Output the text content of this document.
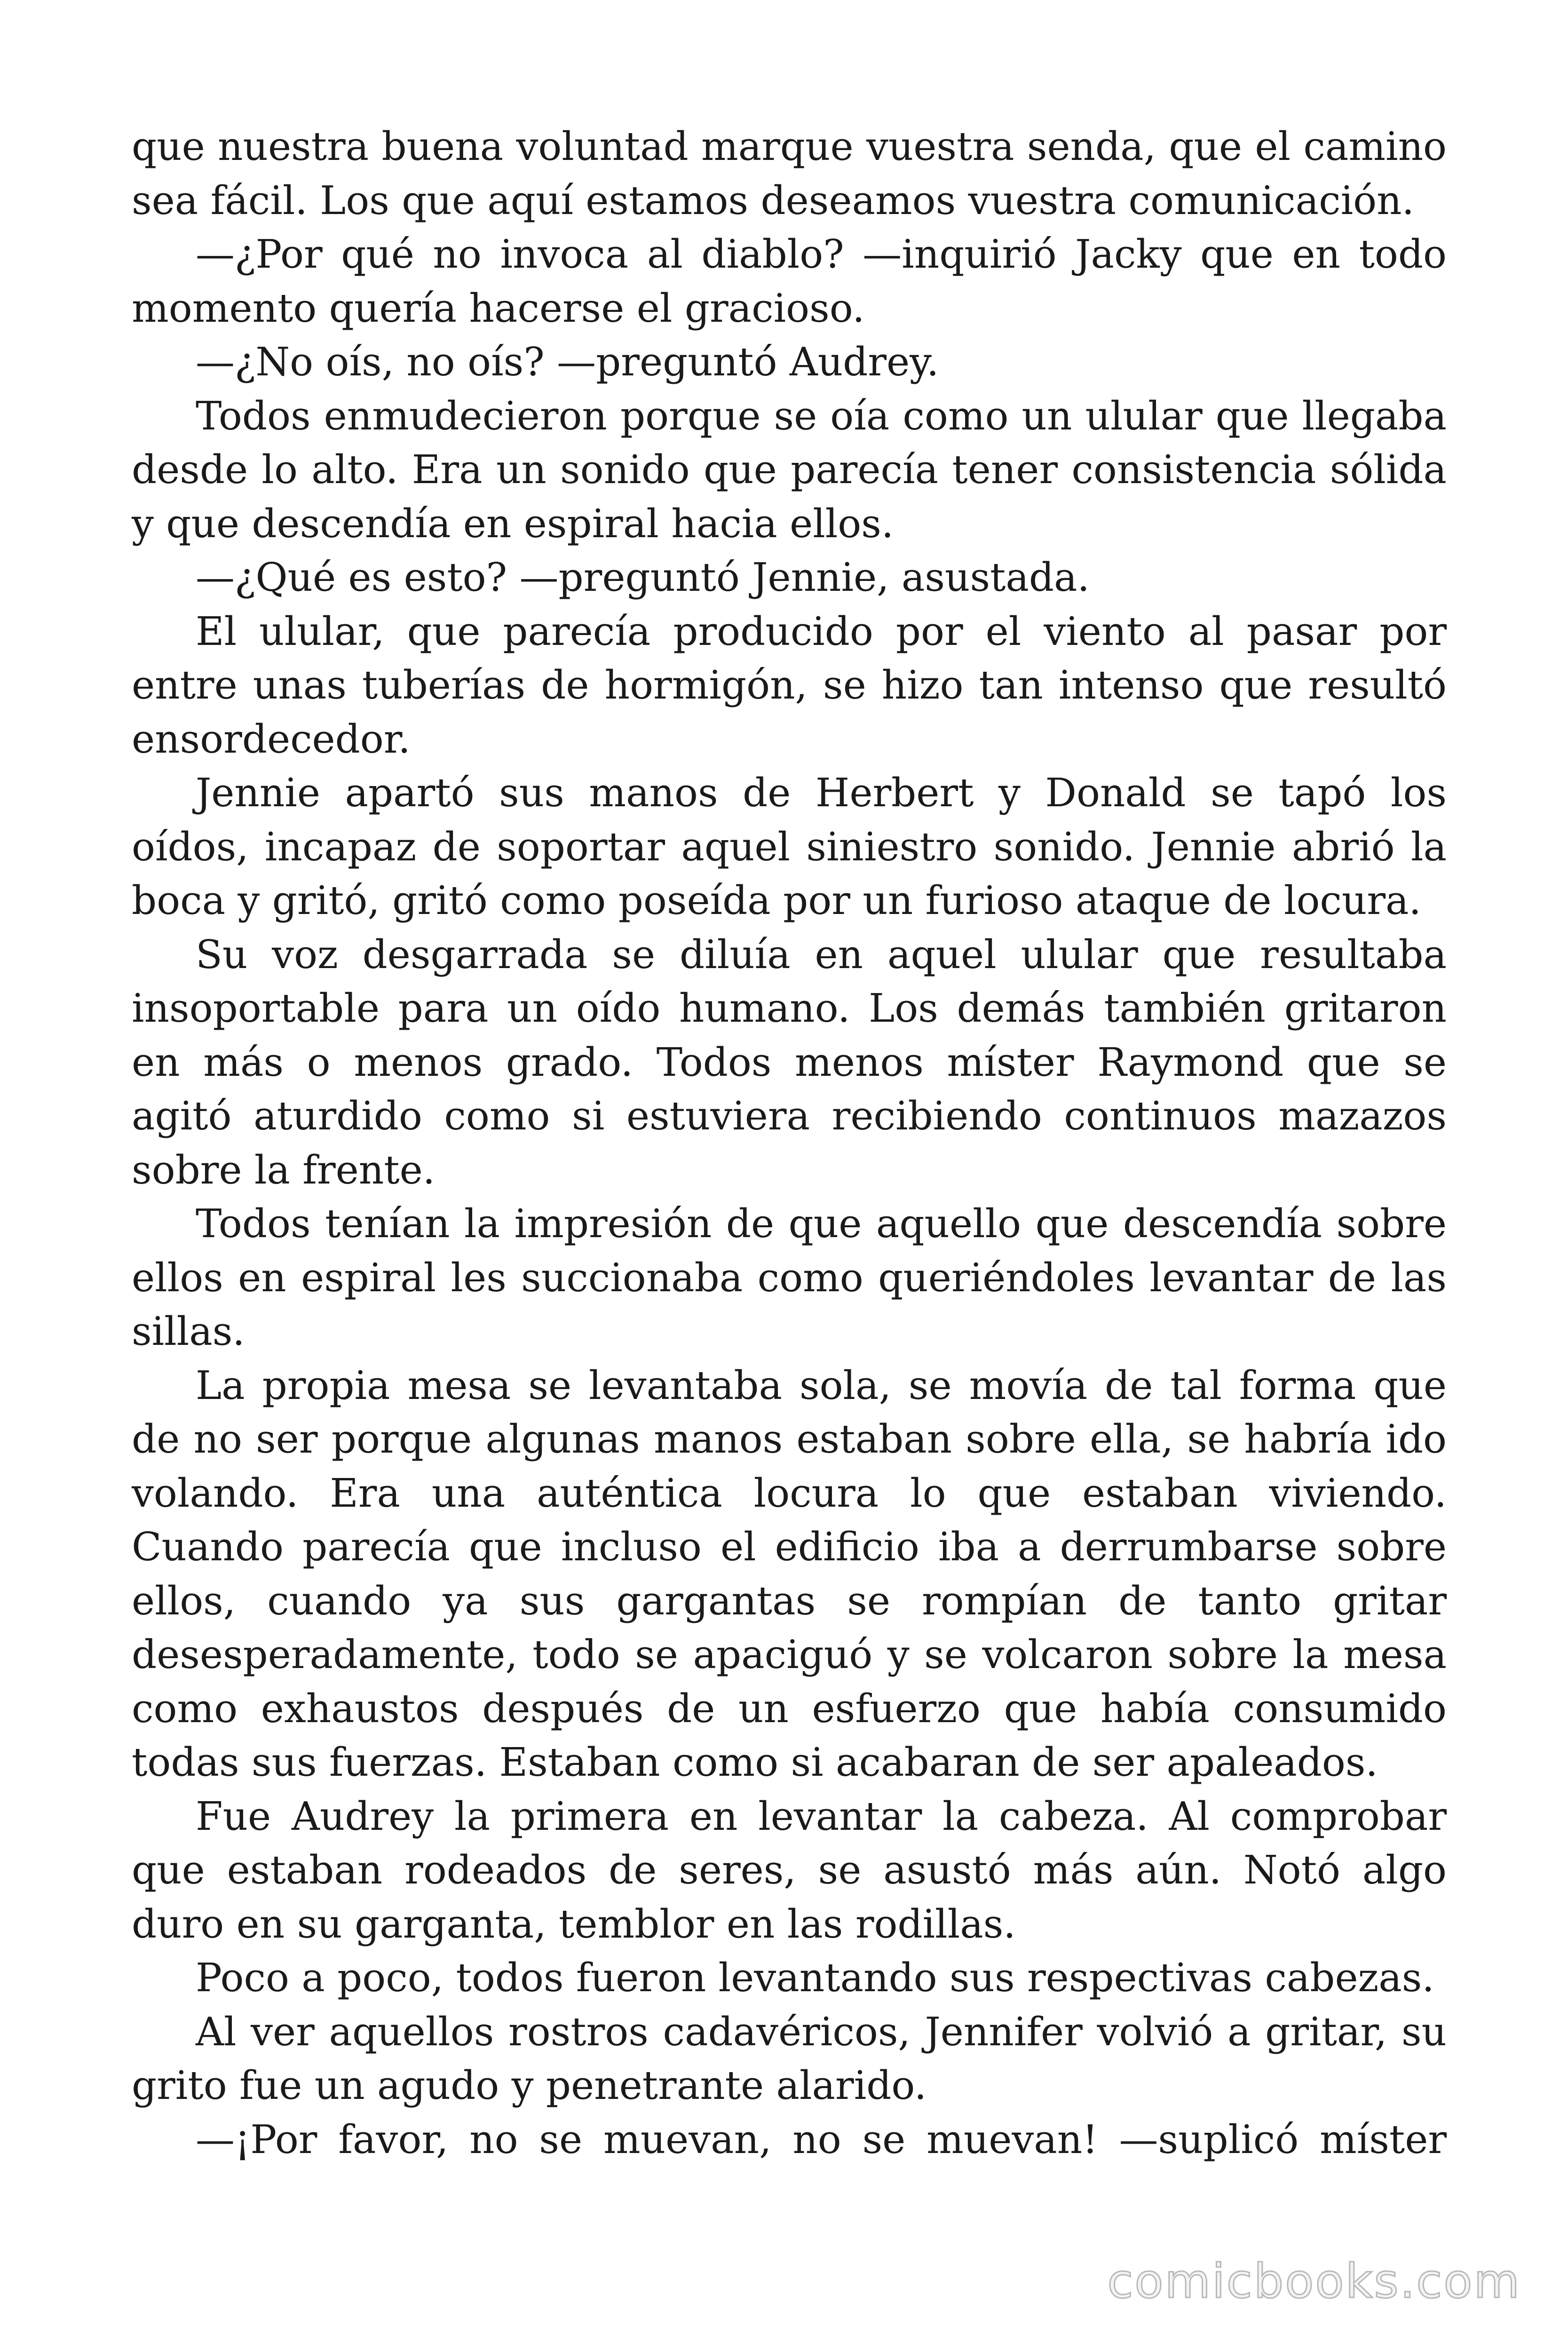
que nuestra buena voluntad marque vuestra senda, que el camino sea fácil. Los que aquí estamos deseamos vuestra comunicación.

—¿Por qué no invoca al diablo? —inquirió Jacky que en todo momento quería hacerse el gracioso.

—¿No oís, no oís? —preguntó Audrey.

Todos enmudecieron porque se oía como un ulular que llegaba desde lo alto. Era un sonido que parecía tener consistencia sólida y que descendía en espiral hacia ellos.

—¿Qué es esto? —preguntó Jennie, asustada.

El ulular, que parecía producido por el viento al pasar por entre unas tuberías de hormigón, se hizo tan intenso que resultó ensordecedor.

Jennie apartó sus manos de Herbert y Donald se tapó los oídos, incapaz de soportar aquel siniestro sonido. Jennie abrió la boca y gritó, gritó como poseída por un furioso ataque de locura.

Su voz desgarrada se diluía en aquel ulular que resultaba insoportable para un oído humano. Los demás también gritaron en más o menos grado. Todos menos míster Raymond que se agitó aturdido como si estuviera recibiendo continuos mazazos sobre la frente.

Todos tenían la impresión de que aquello que descendía sobre ellos en espiral les succionaba como queriéndoles levantar de las sillas.

La propia mesa se levantaba sola, se movía de tal forma que de no ser porque algunas manos estaban sobre ella, se habría ido volando. Era una auténtica locura lo que estaban viviendo. Cuando parecía que incluso el edificio iba a derrumbarse sobre ellos, cuando ya sus gargantas se rompían de tanto gritar desesperadamente, todo se apaciguó y se volcaron sobre la mesa como exhaustos después de un esfuerzo que había consumido todas sus fuerzas. Estaban como si acabaran de ser apaleados.

Fue Audrey la primera en levantar la cabeza. Al comprobar que estaban rodeados de seres, se asustó más aún. Notó algo duro en su garganta, temblor en las rodillas.

Poco a poco, todos fueron levantando sus respectivas cabezas.

Al ver aquellos rostros cadavéricos, Jennifer volvió a gritar, su grito fue un agudo y penetrante alarido.

—¡Por favor, no se muevan, no se muevan! —suplicó míster

comicbooks.com
